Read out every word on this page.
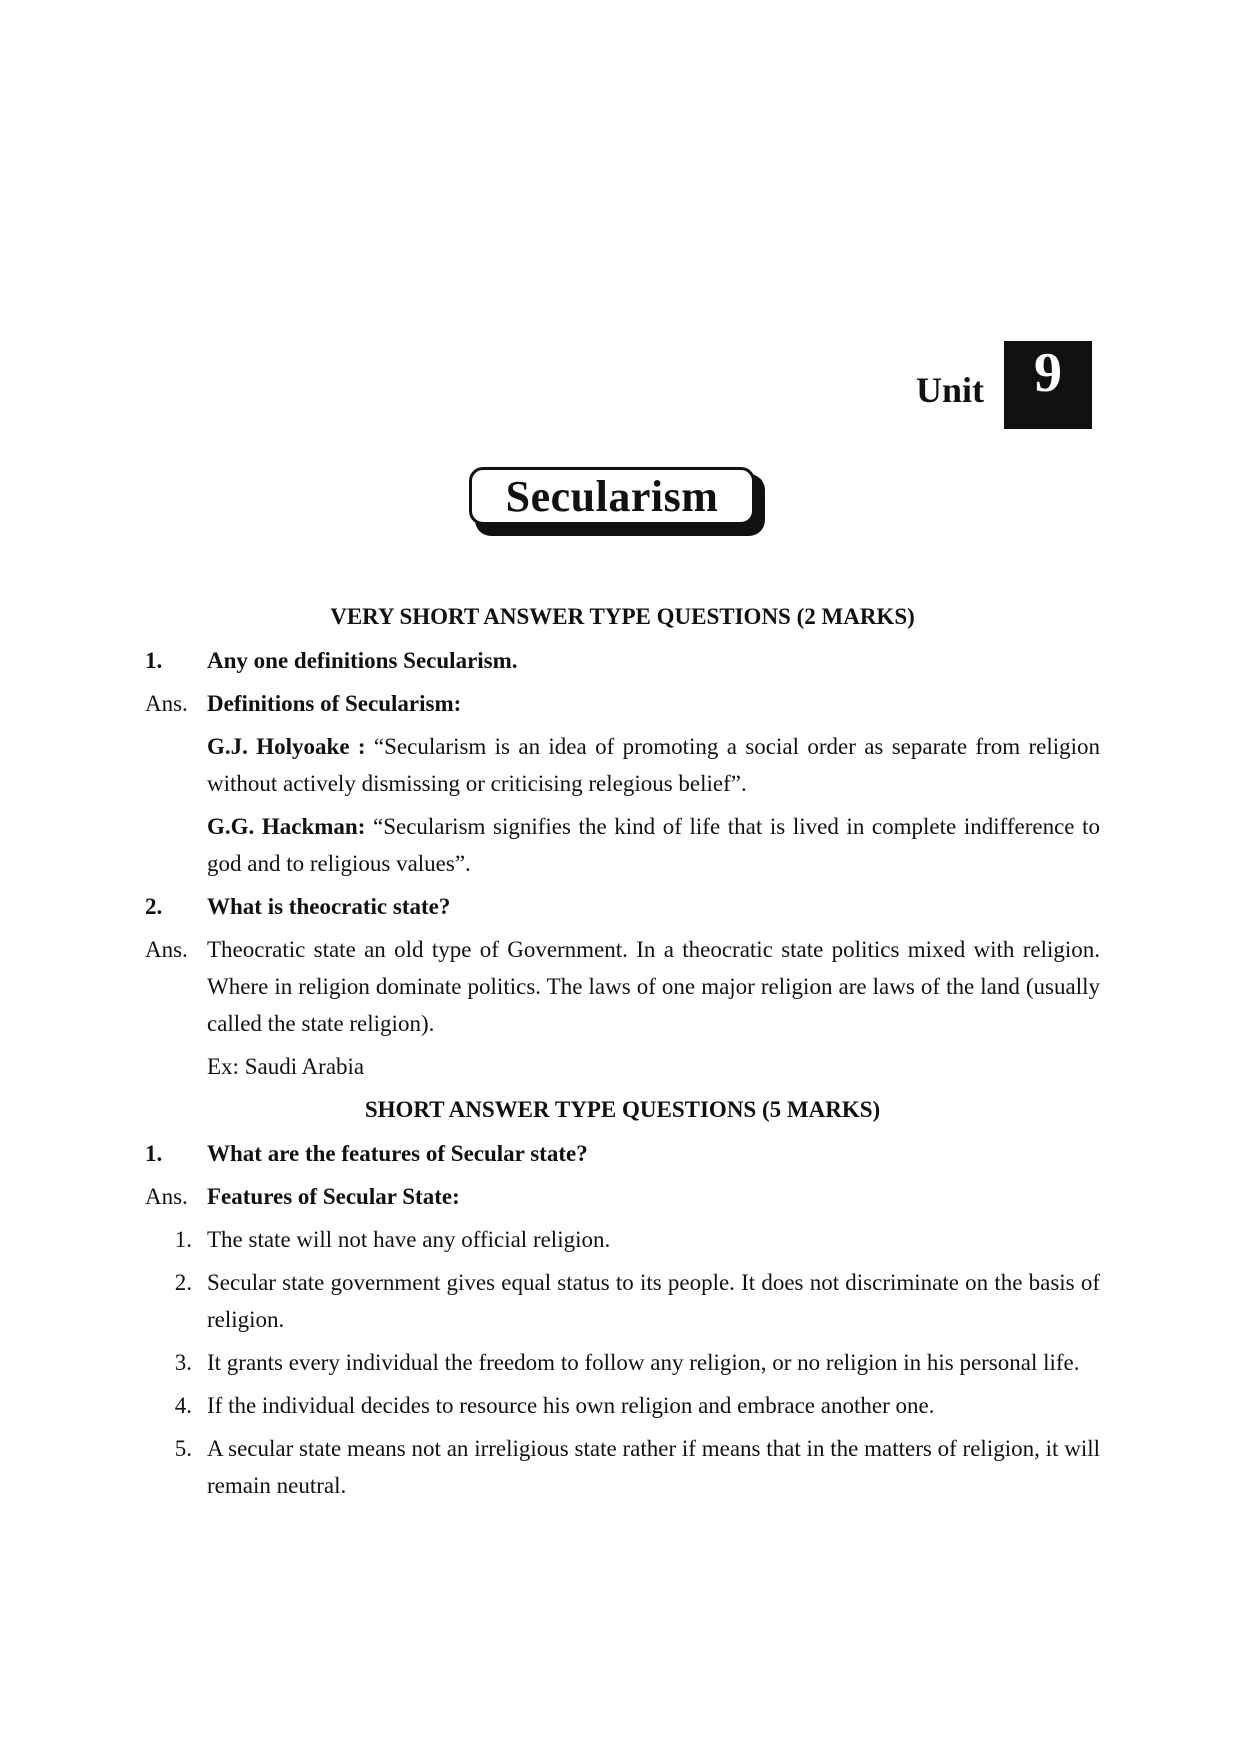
Unit 9
Secularism
VERY SHORT ANSWER TYPE QUESTIONS (2 MARKS)
1.	Any one definitions Secularism.
Ans. Definitions of Secularism:
G.J. Holyoake : “Secularism is an idea of promoting a social order as separate from religion without actively dismissing or criticising relegious belief”.
G.G. Hackman: “Secularism signifies the kind of life that is lived in complete indifference to god and to religious values”.
2.	What is theocratic state?
Ans. Theocratic state an old type of Government. In a theocratic state politics mixed with religion. Where in religion dominate politics. The laws of one major religion are laws of the land (usually called the state religion).
Ex: Saudi Arabia
SHORT ANSWER TYPE QUESTIONS (5 MARKS)
1.	What are the features of Secular state?
Ans. Features of Secular State:
1. The state will not have any official religion.
2. Secular state government gives equal status to its people. It does not discriminate on the basis of religion.
3. It grants every individual the freedom to follow any religion, or no religion in his personal life.
4. If the individual decides to resource his own religion and embrace another one.
5. A secular state means not an irreligious state rather if means that in the matters of religion, it will remain neutral.
